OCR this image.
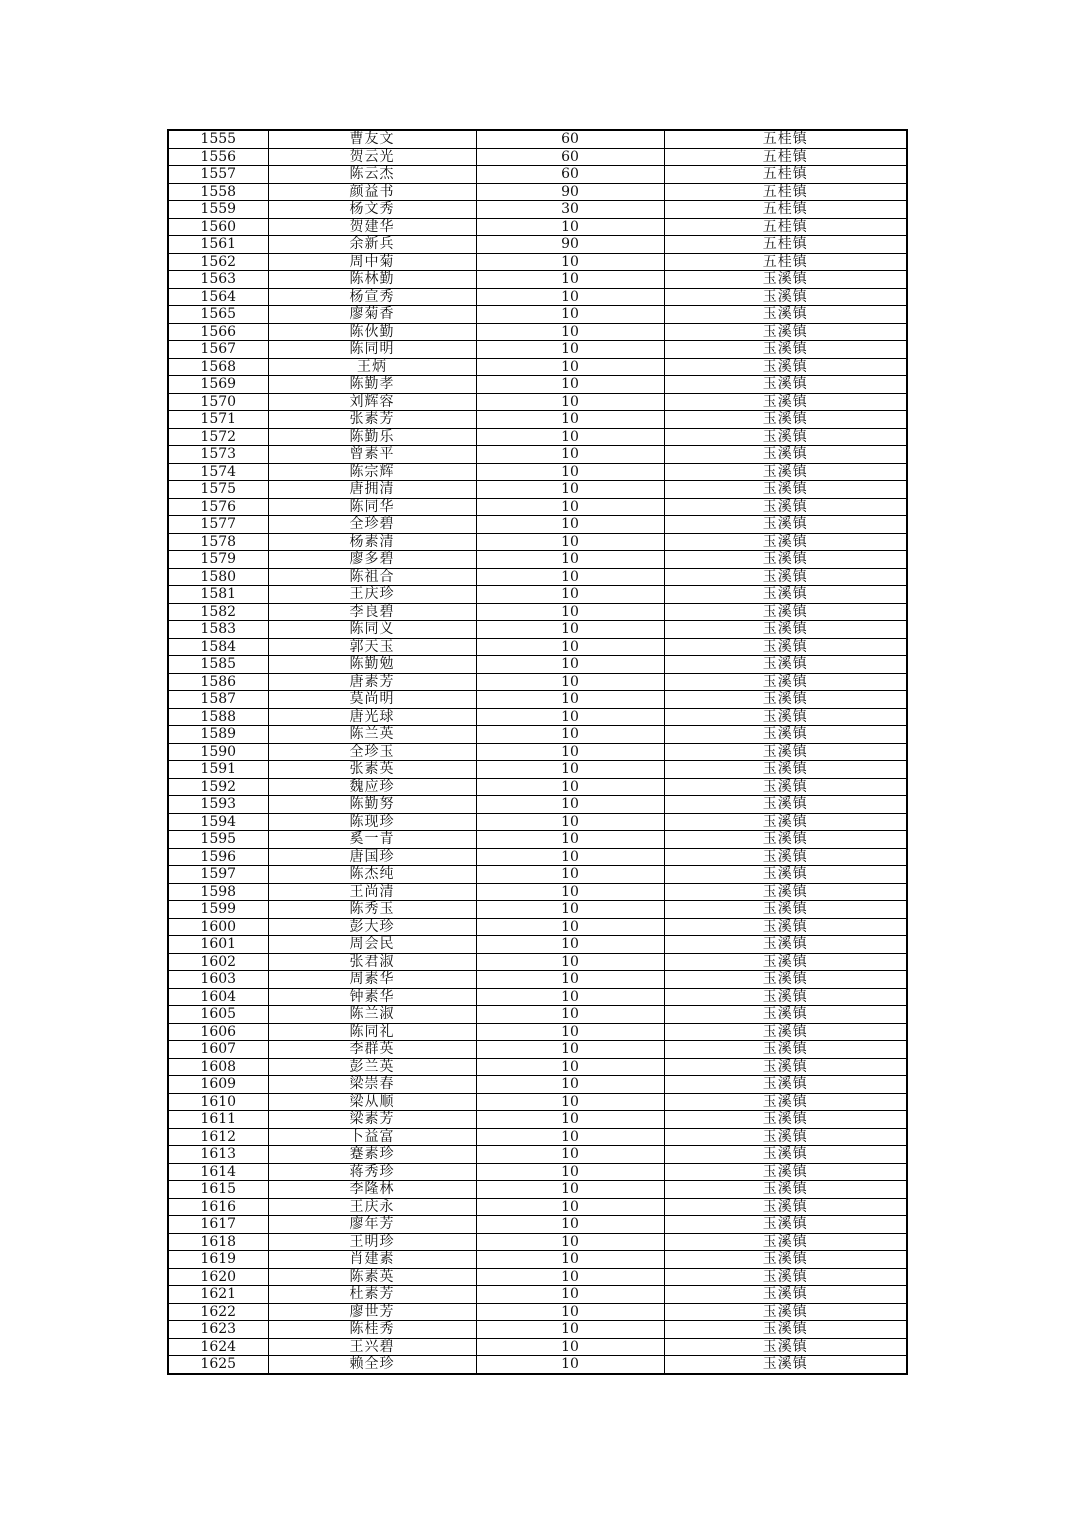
1555	曹友文	60	五桂镇
1556	贺云光	60	五桂镇
1557	陈云杰	60	五桂镇
1558	颜益书	90	五桂镇
1559	杨文秀	30	五桂镇
1560	贺建华	10	五桂镇
1561	余新兵	90	五桂镇
1562	周中菊	10	五桂镇
1563	陈林勤	10	玉溪镇
1564	杨宣秀	10	玉溪镇
1565	廖菊香	10	玉溪镇
1566	陈伙勤	10	玉溪镇
1567	陈同明	10	玉溪镇
1568	王炳	10	玉溪镇
1569	陈勤孝	10	玉溪镇
1570	刘辉容	10	玉溪镇
1571	张素芳	10	玉溪镇
1572	陈勤乐	10	玉溪镇
1573	曾素平	10	玉溪镇
1574	陈宗辉	10	玉溪镇
1575	唐拥清	10	玉溪镇
1576	陈同华	10	玉溪镇
1577	全珍碧	10	玉溪镇
1578	杨素清	10	玉溪镇
1579	廖多碧	10	玉溪镇
1580	陈祖合	10	玉溪镇
1581	王庆珍	10	玉溪镇
1582	李良碧	10	玉溪镇
1583	陈同义	10	玉溪镇
1584	郭天玉	10	玉溪镇
1585	陈勤勉	10	玉溪镇
1586	唐素芳	10	玉溪镇
1587	莫尚明	10	玉溪镇
1588	唐光球	10	玉溪镇
1589	陈兰英	10	玉溪镇
1590	全珍玉	10	玉溪镇
1591	张素英	10	玉溪镇
1592	魏应珍	10	玉溪镇
1593	陈勤努	10	玉溪镇
1594	陈现珍	10	玉溪镇
1595	奚一青	10	玉溪镇
1596	唐国珍	10	玉溪镇
1597	陈杰纯	10	玉溪镇
1598	王尚清	10	玉溪镇
1599	陈秀玉	10	玉溪镇
1600	彭大珍	10	玉溪镇
1601	周会民	10	玉溪镇
1602	张君淑	10	玉溪镇
1603	周素华	10	玉溪镇
1604	钟素华	10	玉溪镇
1605	陈兰淑	10	玉溪镇
1606	陈同礼	10	玉溪镇
1607	李群英	10	玉溪镇
1608	彭兰英	10	玉溪镇
1609	梁崇春	10	玉溪镇
1610	梁从顺	10	玉溪镇
1611	梁素芳	10	玉溪镇
1612	卜益富	10	玉溪镇
1613	蹇素珍	10	玉溪镇
1614	蒋秀珍	10	玉溪镇
1615	李隆林	10	玉溪镇
1616	王庆永	10	玉溪镇
1617	廖年芳	10	玉溪镇
1618	王明珍	10	玉溪镇
1619	肖建素	10	玉溪镇
1620	陈素英	10	玉溪镇
1621	杜素芳	10	玉溪镇
1622	廖世芳	10	玉溪镇
1623	陈桂秀	10	玉溪镇
1624	王兴碧	10	玉溪镇
1625	赖全珍	10	玉溪镇
